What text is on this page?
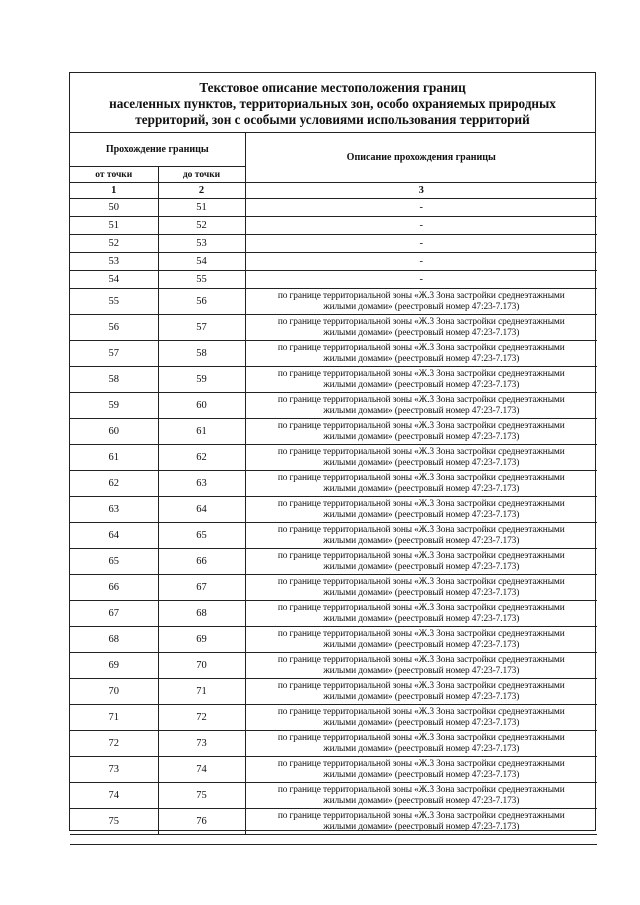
Текстовое описание местоположения границ
населенных пунктов, территориальных зон, особо охраняемых природных
территорий, зон с особыми условиями использования территорий
Прохождение границы		Описание прохождения границы
от точки	до точки	
1	2	3
50	51	-
51	52	-
52	53	-
53	54	-
54	55	-
55	56	по границе территориальной зоны «Ж.3 Зона застройки среднеэтажными
жилыми домами» (реестровый номер 47:23-7.173)

56	57	по границе территориальной зоны «Ж.3 Зона застройки среднеэтажными
жилыми домами» (реестровый номер 47:23-7.173)

57	58	по границе территориальной зоны «Ж.3 Зона застройки среднеэтажными
жилыми домами» (реестровый номер 47:23-7.173)

58	59	по границе территориальной зоны «Ж.3 Зона застройки среднеэтажными
жилыми домами» (реестровый номер 47:23-7.173)

59	60	по границе территориальной зоны «Ж.3 Зона застройки среднеэтажными
жилыми домами» (реестровый номер 47:23-7.173)

60	61	по границе территориальной зоны «Ж.3 Зона застройки среднеэтажными
жилыми домами» (реестровый номер 47:23-7.173)

61	62	по границе территориальной зоны «Ж.3 Зона застройки среднеэтажными
жилыми домами» (реестровый номер 47:23-7.173)

62	63	по границе территориальной зоны «Ж.3 Зона застройки среднеэтажными
жилыми домами» (реестровый номер 47:23-7.173)

63	64	по границе территориальной зоны «Ж.3 Зона застройки среднеэтажными
жилыми домами» (реестровый номер 47:23-7.173)

64	65	по границе территориальной зоны «Ж.3 Зона застройки среднеэтажными
жилыми домами» (реестровый номер 47:23-7.173)

65	66	по границе территориальной зоны «Ж.3 Зона застройки среднеэтажными
жилыми домами» (реестровый номер 47:23-7.173)

66	67	по границе территориальной зоны «Ж.3 Зона застройки среднеэтажными
жилыми домами» (реестровый номер 47:23-7.173)

67	68	по границе территориальной зоны «Ж.3 Зона застройки среднеэтажными
жилыми домами» (реестровый номер 47:23-7.173)

68	69	по границе территориальной зоны «Ж.3 Зона застройки среднеэтажными
жилыми домами» (реестровый номер 47:23-7.173)

69	70	по границе территориальной зоны «Ж.3 Зона застройки среднеэтажными
жилыми домами» (реестровый номер 47:23-7.173)

70	71	по границе территориальной зоны «Ж.3 Зона застройки среднеэтажными
жилыми домами» (реестровый номер 47:23-7.173)

71	72	по границе территориальной зоны «Ж.3 Зона застройки среднеэтажными
жилыми домами» (реестровый номер 47:23-7.173)

72	73	по границе территориальной зоны «Ж.3 Зона застройки среднеэтажными
жилыми домами» (реестровый номер 47:23-7.173)

73	74	по границе территориальной зоны «Ж.3 Зона застройки среднеэтажными
жилыми домами» (реестровый номер 47:23-7.173)

74	75	по границе территориальной зоны «Ж.3 Зона застройки среднеэтажными
жилыми домами» (реестровый номер 47:23-7.173)

75	76	по границе территориальной зоны «Ж.3 Зона застройки среднеэтажными
жилыми домами» (реестровый номер 47:23-7.173)
